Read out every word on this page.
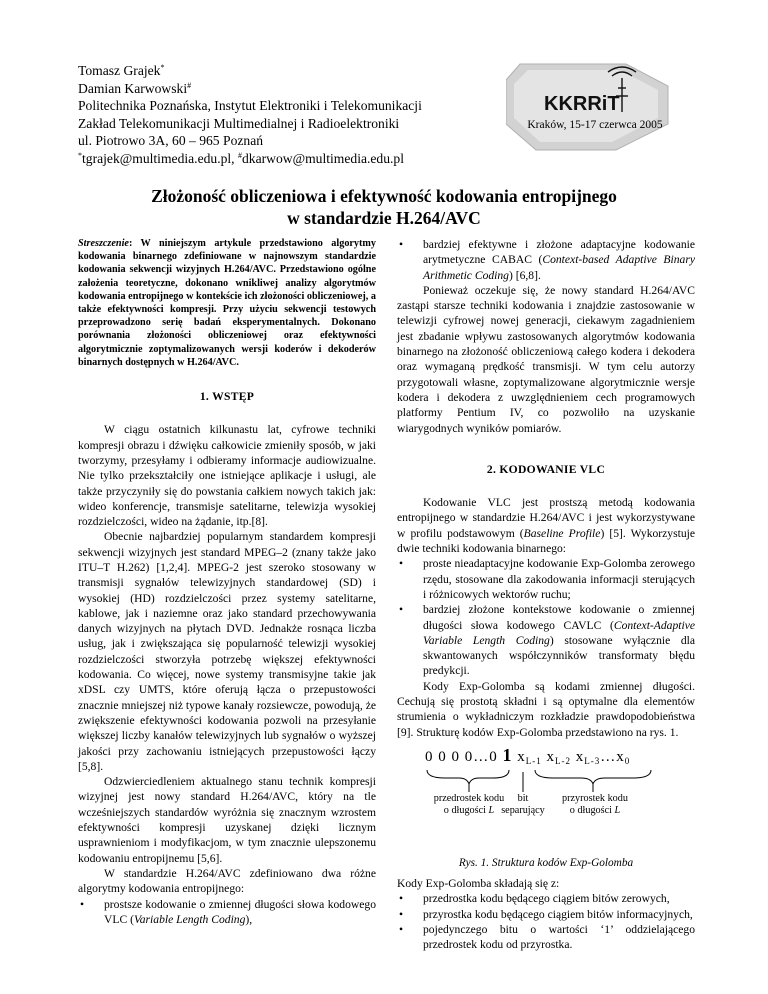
Tomasz Grajek*
Damian Karwowski#
Politechnika Poznańska, Instytut Elektroniki i Telekomunikacji
Zakład Telekomunikacji Multimedialnej i Radioelektroniki
ul. Piotrowo 3A, 60 – 965 Poznań
*tgrajek@multimedia.edu.pl, #dkarwow@multimedia.edu.pl
KKRRiT
Kraków, 15-17 czerwca 2005
Złożoność obliczeniowa i efektywność kodowania entropijnego
w standardzie H.264/AVC
Streszczenie: W niniejszym artykule przedstawiono algorytmy kodowania binarnego zdefiniowane w najnowszym standardzie kodowania sekwencji wizyjnych H.264/AVC. Przedstawiono ogólne założenia teoretyczne, dokonano wnikliwej analizy algorytmów kodowania entropijnego w kontekście ich złożoności obliczeniowej, a także efektywności kompresji. Przy użyciu sekwencji testowych przeprowadzono serię badań eksperymentalnych. Dokonano porównania złożoności obliczeniowej oraz efektywności algorytmicznie zoptymalizowanych wersji koderów i dekoderów binarnych dostępnych w H.264/AVC.
1. WSTĘP

W ciągu ostatnich kilkunastu lat, cyfrowe techniki kompresji obrazu i dźwięku całkowicie zmieniły sposób, w jaki tworzymy, przesyłamy i odbieramy informacje audiowizualne. Nie tylko przekształciły one istniejące aplikacje i usługi, ale także przyczyniły się do powstania całkiem nowych takich jak: wideo konferencje, transmisje satelitarne, telewizja wysokiej rozdzielczości, wideo na żądanie, itp.[8].

Obecnie najbardziej popularnym standardem kompresji sekwencji wizyjnych jest standard MPEG–2 (znany także jako ITU–T H.262) [1,2,4]. MPEG-2 jest szeroko stosowany w transmisji sygnałów telewizyjnych standardowej (SD) i wysokiej (HD) rozdzielczości przez systemy satelitarne, kablowe, jak i naziemne oraz jako standard przechowywania danych wizyjnych na płytach DVD. Jednakże rosnąca liczba usług, jak i zwiększająca się popularność telewizji wysokiej rozdzielczości stworzyła potrzebę większej efektywności kodowania. Co więcej, nowe systemy transmisyjne takie jak xDSL czy UMTS, które oferują łącza o przepustowości znacznie mniejszej niż typowe kanały rozsiewcze, powodują, że zwiększenie efektywności kodowania pozwoli na przesyłanie większej liczby kanałów telewizyjnych lub sygnałów o wyższej jakości przy zachowaniu istniejących przepustowości łączy [5,8].

Odzwierciedleniem aktualnego stanu technik kompresji wizyjnej jest nowy standard H.264/AVC, który na tle wcześniejszych standardów wyróżnia się znacznym wzrostem efektywności kompresji uzyskanej dzięki licznym usprawnieniom i modyfikacjom, w tym znacznie ulepszonemu kodowaniu entropijnemu [5,6].

W standardzie H.264/AVC zdefiniowano dwa różne algorytmy kodowania entropijnego:

• prostsze kodowanie o zmiennej długości słowa kodowego VLC (Variable Length Coding),
• bardziej efektywne i złożone adaptacyjne kodowanie arytmetyczne CABAC (Context-based Adaptive Binary Arithmetic Coding) [6,8].

Ponieważ oczekuje się, że nowy standard H.264/AVC zastąpi starsze techniki kodowania i znajdzie zastosowanie w telewizji cyfrowej nowej generacji, ciekawym zagadnieniem jest zbadanie wpływu zastosowanych algorytmów kodowania binarnego na złożoność obliczeniową całego kodera i dekodera oraz wymaganą prędkość transmisji. W tym celu autorzy przygotowali własne, zoptymalizowane algorytmicznie wersje kodera i dekodera z uwzględnieniem cech programowych platformy Pentium IV, co pozwoliło na uzyskanie wiarygodnych wyników pomiarów.

2. KODOWANIE VLC

Kodowanie VLC jest prostszą metodą kodowania entropijnego w standardzie H.264/AVC i jest wykorzystywane w profilu podstawowym (Baseline Profile) [5]. Wykorzystuje dwie techniki kodowania binarnego:

• proste nieadaptacyjne kodowanie Exp-Golomba zerowego rzędu, stosowane dla zakodowania informacji sterujących i różnicowych wektorów ruchu;
• bardziej złożone kontekstowe kodowanie o zmiennej długości słowa kodowego CAVLC (Context-Adaptive Variable Length Coding) stosowane wyłącznie dla skwantowanych współczynników transformaty błędu predykcji.

Kody Exp-Golomba są kodami zmiennej długości. Cechują się prostotą składni i są optymalne dla elementów strumienia o wykładniczym rozkładzie prawdopodobieństwa [9]. Strukturę kodów Exp-Golomba przedstawiono na rys. 1.

0 0 0 0…0 1 $x_{L-1}$ $x_{L-2}$ $x_{L-3}\dots x_0$
przedrostek kodu
o długości L
bit
separujący
przyrostek kodu
o długości L
Rys. 1. Struktura kodów Exp-Golomba

Kody Exp-Golomba składają się z:

• przedrostka kodu będącego ciągiem bitów zerowych,
• przyrostka kodu będącego ciągiem bitów informacyjnych,
• pojedynczego bitu o wartości ‘1’ oddzielającego przedrostek kodu od przyrostka.
